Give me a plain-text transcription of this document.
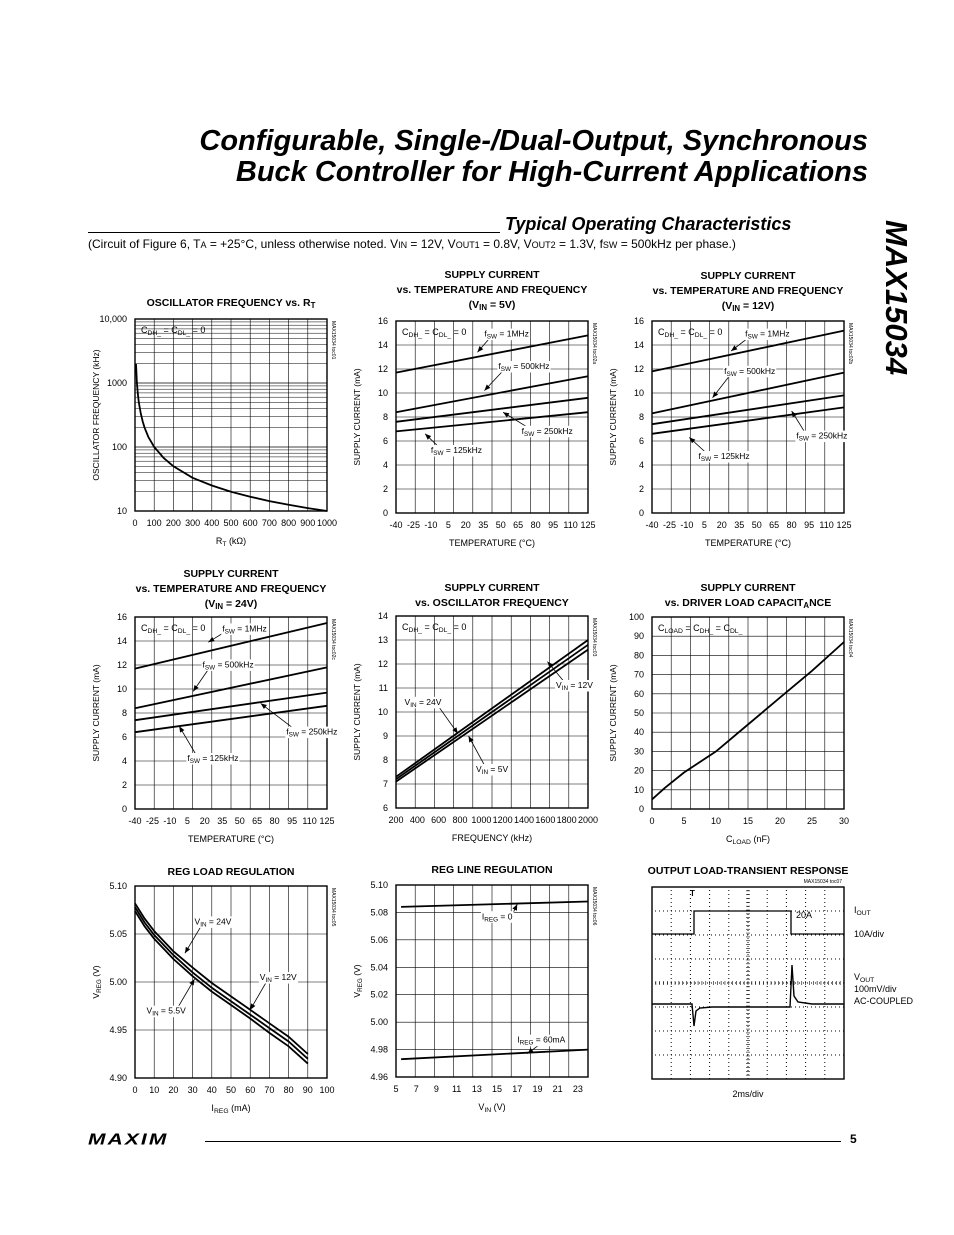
Configurable, Single-/Dual-Output, Synchronous
Buck Controller for High-Current Applications
Typical Operating Characteristics
(Circuit of Figure 6, TA = +25°C, unless otherwise noted. VIN = 12V, VOUT1 = 0.8V, VOUT2 = 1.3V, fSW = 500kHz per phase.)	MAX15034
OSCILLATOR FREQUENCY vs. RT
0 100 200 300 400 500 600 700 800 900 1000
10
100
1000
10,000
RT (kΩ)
OSCILLATOR FREQUENCY (kHz)
CDH_ = CDL_ = 0	MAX15034 toc01
SUPPLY CURRENT
vs. TEMPERATURE AND FREQUENCY
(VIN = 5V)
-40 -25 -10 5 20 35 50 65 80 95 110 125
0
2
4
6
8
10
12
14
16
TEMPERATURE (°C)
SUPPLY CURRENT (mA)
CDH_ = CDL_ = 0	MAX15034 toc02a
fSW = 1MHz
fSW = 500kHz
fSW = 250kHz
fSW = 125kHz
SUPPLY CURRENT
vs. TEMPERATURE AND FREQUENCY
(VIN = 12V)
-40 -25 -10 5 20 35 50 65 80 95 110 125
0
2
4
6
8
10
12
14
16
TEMPERATURE (°C)
SUPPLY CURRENT (mA)
CDH_ = CDL_ = 0	MAX15034 toc02b
fSW = 1MHz
fSW = 500kHz
fSW = 250kHz
fSW = 125kHz
SUPPLY CURRENT
vs. TEMPERATURE AND FREQUENCY
(VIN = 24V)
-40 -25 -10 5 20 35 50 65 80 95 110 125
0
2
4
6
8
10
12
14
16
TEMPERATURE (°C)
SUPPLY CURRENT (mA)
CDH_ = CDL_ = 0	MAX15034 toc02c
fSW = 1MHz
fSW = 500kHz
fSW = 250kHz
fSW = 125kHz
SUPPLY CURRENT
vs. OSCILLATOR FREQUENCY
200 400 600 800 1000 1200 1400 1600 1800 2000
6
7
8
9
10
11
12
13
14
FREQUENCY (kHz)
SUPPLY CURRENT (mA)
CDH_ = CDL_ = 0	MAX15034 toc03
VIN = 24V
VIN = 12V
VIN = 5V
SUPPLY CURRENT
vs. DRIVER LOAD CAPACITANCE
0	5	10 15 20 25 30
0
10
20
30
40
50
60
70
80
90
100
CLOAD (nF)
SUPPLY CURRENT (mA)
CLOAD = CDH_ = CDL_	MAX15034 toc04
REG LOAD REGULATION
0 10 20 30 40 50 60 70 80 90 100
4.90
4.95
5.00
5.05
5.10
IREG (mA)
VREG (V)
MAX15034 toc05
VIN = 24V
VIN = 12V
VIN = 5.5V
REG LINE REGULATION
5 7 9 11 13 15 17 19 21 23
4.96
4.98
5.00
5.02
5.04
5.06
5.08
5.10
VIN (V)
VREG (V)
MAX15034 toc06
IREG = 0
IREG = 60mA
OUTPUT LOAD-TRANSIENT RESPONSE
MAX15034 toc07
T
20A	IOUT
10A/div
VOUT
100mV/div
AC-COUPLED
2ms/div
MAXIM	5
